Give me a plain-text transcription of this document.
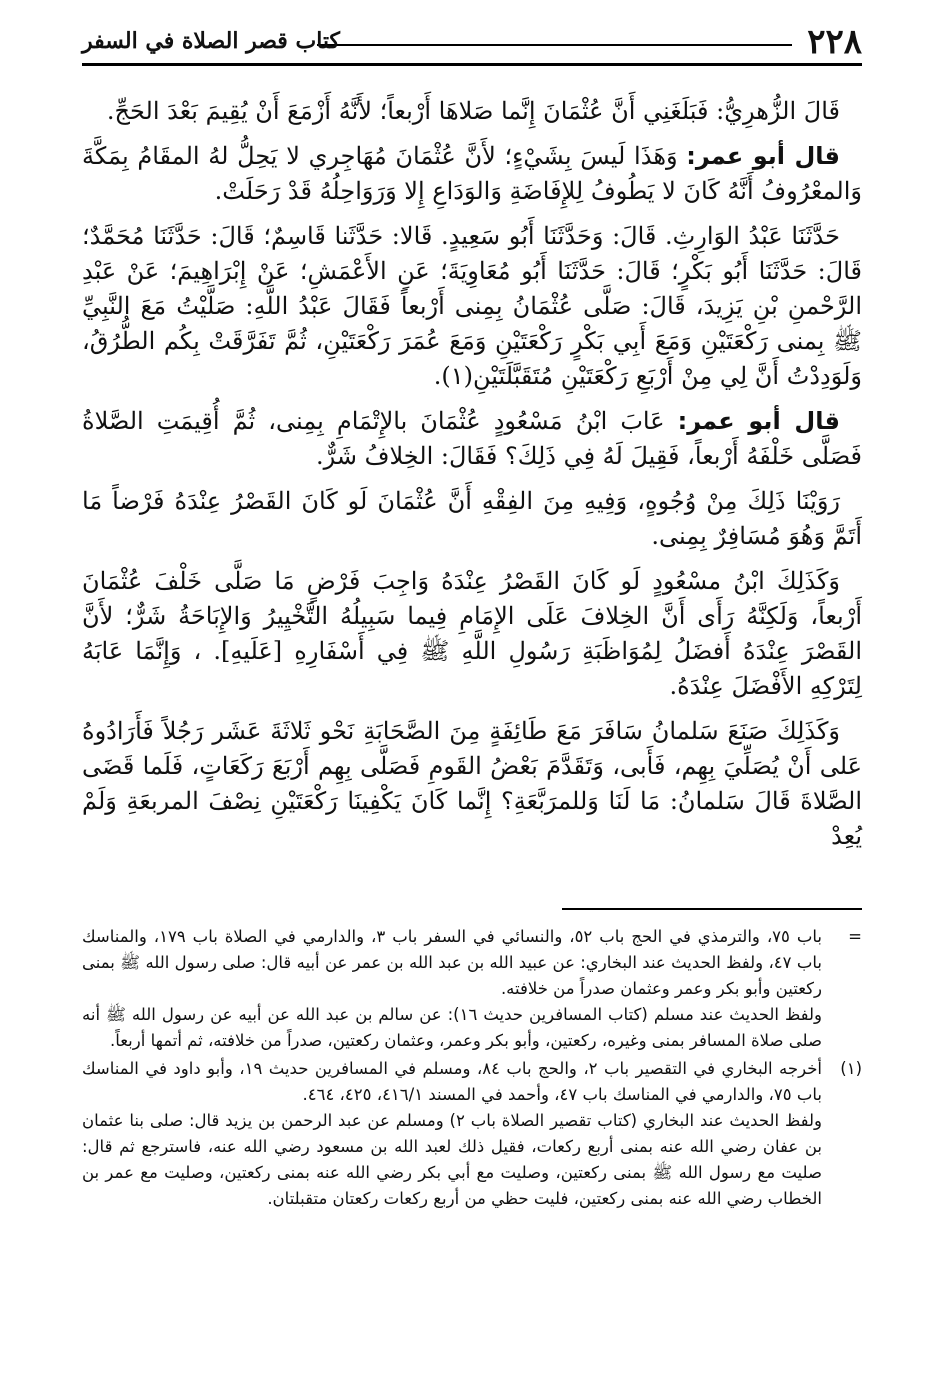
٢٢٨
كتاب قصر الصلاة في السفر

قَالَ الزُّهرِيُّ: فَبَلَغَنِي أَنَّ عُثْمَانَ إِنَّما صَلاهَا أَرْبعاً؛ لأَنَّهُ أَزْمَعَ أَنْ يُقِيمَ بَعْدَ الحَجِّ.

قال أبو عمر: وَهَذَا لَيسَ بِشَيْءٍ؛ لأَنَّ عُثْمَانَ مُهَاجِري لا يَحِلُّ لهُ المقَامُ بِمَكَّةَ وَالمعْرُوفُ أَنَّهُ كَانَ لا يَطُوفُ لِلإِفَاضَةِ وَالوَدَاعِ إِلا وَرَوَاحِلُهُ قَدْ رَحَلَتْ.

حَدَّثَنَا عَبْدُ الوَارِثِ. قَالَ: وَحَدَّثَنَا أَبُو سَعِيدٍ. قَالا: حَدَّثَنا قَاسِمٌ؛ قَالَ: حَدَّثَنَا مُحَمَّدٌ؛ قَالَ: حَدَّثَنَا أَبُو بَكْرٍ؛ قَالَ: حَدَّثَنَا أَبُو مُعَاوِيَةَ؛ عَنِ الأَعْمَشِ؛ عَنْ إِبْرَاهِيمَ؛ عَنْ عَبْدِ الرَّحْمنِ بْنِ يَزِيدَ، قَالَ: صَلَّى عُثْمَانُ بِمِنى أَرْبعاً فَقَالَ عَبْدُ اللَّهِ: صَلَّيْتُ مَعَ النَّبِيِّ ﷺ بِمنى رَكْعَتَيْنِ وَمَعَ أَبِي بَكْرٍ رَكْعَتَيْنِ وَمَعَ عُمَرَ رَكْعَتَيْنِ، ثُمَّ تَفَرَّقَتْ بِكُم الطُّرُقُ، وَلَوَدِدْتُ أَنَّ لِي مِنْ أَرْبَعِ رَكْعَتَيْنِ مُتَقَبَّلَتَيْنِ(١).

قال أبو عمر: عَابَ ابْنُ مَسْعُودٍ عُثْمَانَ بالإِتْمَامِ بِمِنى، ثُمَّ أُقِيمَتِ الصَّلاةُ فَصَلَّى خَلْفَهُ أَرْبعاً، فَقِيلَ لَهُ فِي ذَلِكَ؟ فَقَالَ: الخِلافُ شَرٌّ.

رَوَيْنَا ذَلِكَ مِنْ وُجُوهٍ، وَفِيهِ مِنَ الفِقْهِ أَنَّ عُثْمَانَ لَو كَانَ القَصْرُ عِنْدَهُ فَرْضاً مَا أَتَمَّ وَهُوَ مُسَافِرٌ بِمِنى.

وَكَذَلِكَ ابْنُ مسْعُودٍ لَو كَانَ القَصْرُ عِنْدَهُ وَاجِبَ فَرْضٍ مَا صَلَّى خَلْفَ عُثْمَانَ أَرْبعاً، وَلَكِنَّهُ رَأَى أَنَّ الخِلافَ عَلَى الإِمَامِ فِيما سَبِيلُهُ التَّخْيِيرُ وَالإِبَاحَةُ شَرٌّ؛ لأَنَّ القَصْرَ عِنْدَهُ أَفضَلُ لِمُوَاظَبَةِ رَسُولِ اللَّهِ ﷺ فِي أَسْفَارِهِ [عَلَيهِ]. ، وَإِنَّمَا عَابَهُ لِتَرْكِهِ الأَفْضَلَ عِنْدَهُ.

وَكَذَلِكَ صَنَعَ سَلمانُ سَافَرَ مَعَ طَائِفَةٍ مِنَ الصَّحَابَةِ نَحْو ثَلاثَةَ عَشَر رَجُلاً فَأَرَادُوهُ عَلى أَنْ يُصَلِّيَ بِهِم، فَأَبى، وَتَقَدَّمَ بَعْضُ القَومِ فَصَلَّى بِهِم أَرْبَعَ رَكَعَاتٍ، فَلَما قَضَى الصَّلاةَ قَالَ سَلمانُ: مَا لَنَا وَللمرَبَّعَةِ؟ إِنَّما كَانَ يَكْفِينَا رَكْعَتَيْنِ نِصْفَ المربعَةِ وَلَمْ يُعِدْ

=

باب ٧٥، والترمذي في الحج باب ٥٢، والنسائي في السفر باب ٣، والدارمي في الصلاة باب ١٧٩، والمناسك باب ٤٧، ولفظ الحديث عند البخاري: عن عبيد الله بن عبد الله بن عمر عن أبيه قال: صلى رسول الله ﷺ بمنى ركعتين وأبو بكر وعمر وعثمان صدراً من خلافته.

ولفظ الحديث عند مسلم (كتاب المسافرين حديث ١٦): عن سالم بن عبد الله عن أبيه عن رسول الله ﷺ أنه صلى صلاة المسافر بمنى وغيره، ركعتين، وأبو بكر وعمر، وعثمان ركعتين، صدراً من خلافته، ثم أتمها أربعاً.

(١)

أخرجه البخاري في التقصير باب ٢، والحج باب ٨٤، ومسلم في المسافرين حديث ١٩، وأبو داود في المناسك باب ٧٥، والدارمي في المناسك باب ٤٧، وأحمد في المسند ٤١٦/١، ٤٢٥، ٤٦٤.

ولفظ الحديث عند البخاري (كتاب تقصير الصلاة باب ٢) ومسلم عن عبد الرحمن بن يزيد قال: صلى بنا عثمان بن عفان رضي الله عنه بمنى أربع ركعات، فقيل ذلك لعبد الله بن مسعود رضي الله عنه، فاسترجع ثم قال: صليت مع رسول الله ﷺ بمنى ركعتين، وصليت مع أبي بكر رضي الله عنه بمنى ركعتين، وصليت مع عمر بن الخطاب رضي الله عنه بمنى ركعتين، فليت حظي من أربع ركعات ركعتان متقبلتان.
